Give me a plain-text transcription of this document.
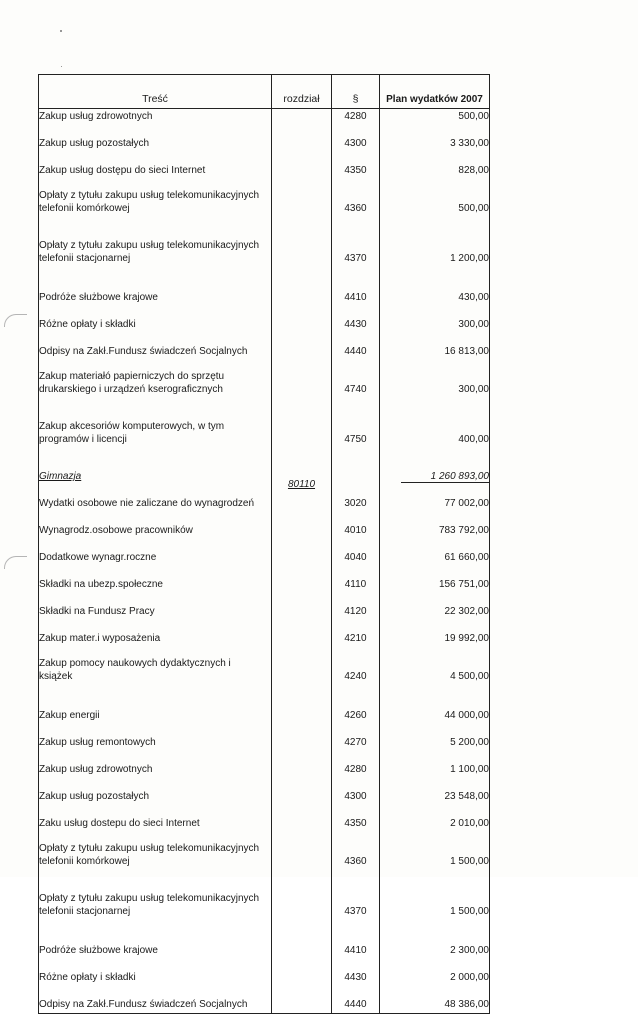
Treść	rozdział	§	Plan wydatków 2007
Zakup usług zdrowotnych		4280	500,00
Zakup usług pozostałych		4300	3 330,00
Zakup usług dostępu do sieci Internet		4350	828,00
Opłaty z tytułu zakupu usług telekomunikacyjnych
telefonii komórkowej		4360	500,00
Opłaty z tytułu zakupu usług telekomunikacyjnych
telefonii stacjonarnej		4370	1 200,00
Podróże służbowe krajowe		4410	430,00
Różne opłaty i składki		4430	300,00
Odpisy na Zakł.Fundusz świadczeń Socjalnych		4440	16 813,00
Zakup materiałó papierniczych do sprzętu
drukarskiego i urządzeń kserograficznych		4740	300,00
Zakup akcesoriów komputerowych, w tym
programów i licencji		4750	400,00
Gimnazja	80110		1 260 893,00
Wydatki osobowe nie zaliczane do wynagrodzeń		3020	77 002,00
Wynagrodz.osobowe pracowników		4010	783 792,00
Dodatkowe wynagr.roczne		4040	61 660,00
Składki na ubezp.społeczne		4110	156 751,00
Składki na Fundusz Pracy		4120	22 302,00
Zakup mater.i wyposażenia		4210	19 992,00
Zakup pomocy naukowych dydaktycznych i
książek		4240	4 500,00
Zakup energii		4260	44 000,00
Zakup usług remontowych		4270	5 200,00
Zakup usług zdrowotnych		4280	1 100,00
Zakup usług pozostałych		4300	23 548,00
Zaku usług dostepu do sieci Internet		4350	2 010,00
Opłaty z tytułu zakupu usług telekomunikacyjnych
telefonii komórkowej		4360	1 500,00
Opłaty z tytułu zakupu usług telekomunikacyjnych
telefonii stacjonarnej		4370	1 500,00
Podróże służbowe krajowe		4410	2 300,00
Różne opłaty i składki		4430	2 000,00
Odpisy na Zakł.Fundusz świadczeń Socjalnych		4440	48 386,00
